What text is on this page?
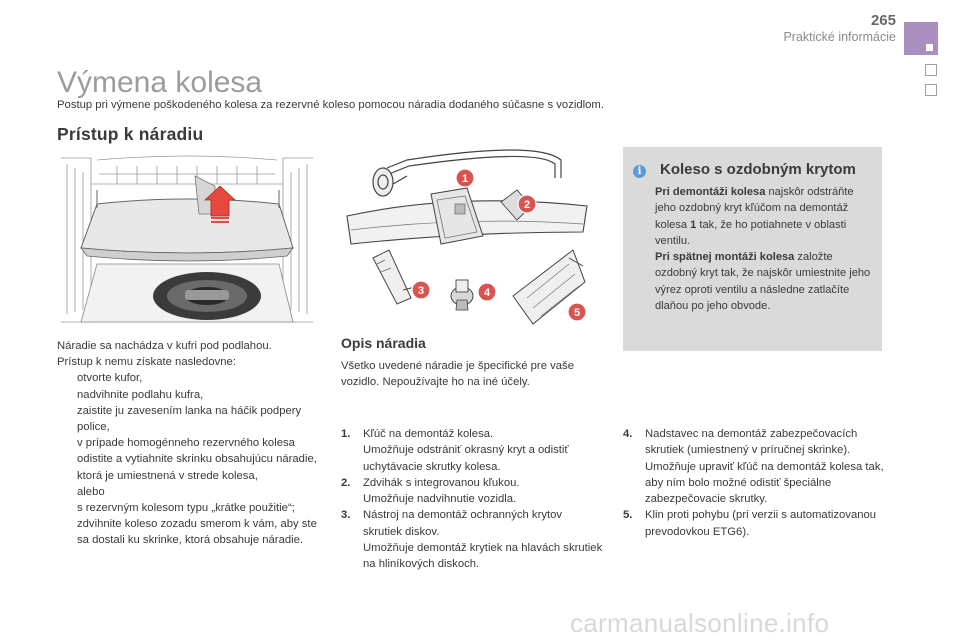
265
Praktické informácie
Výmena kolesa
Postup pri výmene poškodeného kolesa za rezervné koleso pomocou náradia dodaného súčasne s vozidlom.
Prístup k náradiu
1
2
3	4
5
Náradie sa nachádza v kufri pod podlahou.
Prístup k nemu získate nasledovne:
otvorte kufor,
nadvihnite podlahu kufra,
zaistite ju zavesením lanka na háčik podpery police,
v prípade homogénneho rezervného kolesa odistite a vytiahnite skrinku obsahujúcu náradie, ktorá je umiestnená v strede kolesa,
alebo
s rezervným kolesom typu „krátke použitie“; zdvihnite koleso zozadu smerom k vám, aby ste sa dostali ku skrinke, ktorá obsahuje náradie.
Opis náradia
Všetko uvedené náradie je špecifické pre vaše vozidlo. Nepoužívajte ho na iné účely.
1. Kľúč na demontáž kolesa.
Umožňuje odstrániť okrasný kryt a odistiť uchytávacie skrutky kolesa.
2. Zdvihák s integrovanou kľukou.
Umožňuje nadvihnutie vozidla.
3. Nástroj na demontáž ochranných krytov skrutiek diskov.
Umožňuje demontáž krytiek na hlavách skrutiek na hliníkových diskoch.
i	Koleso s ozdobným krytom
Pri demontáži kolesa najskôr odstráňte jeho ozdobný kryt kľúčom na demontáž kolesa 1 tak, že ho potiahnete v oblasti ventilu.
Pri spätnej montáži kolesa založte ozdobný kryt tak, že najskôr umiestnite jeho výrez oproti ventilu a následne zatlačíte dlaňou po jeho obvode.
4. Nadstavec na demontáž zabezpečovacích skrutiek (umiestnený v príručnej skrinke).
Umožňuje upraviť kľúč na demontáž kolesa tak, aby ním bolo možné odistiť špeciálne zabezpečovacie skrutky.
5. Klin proti pohybu (pri verzii s automatizovanou prevodovkou ETG6).
carmanualsonline.info
